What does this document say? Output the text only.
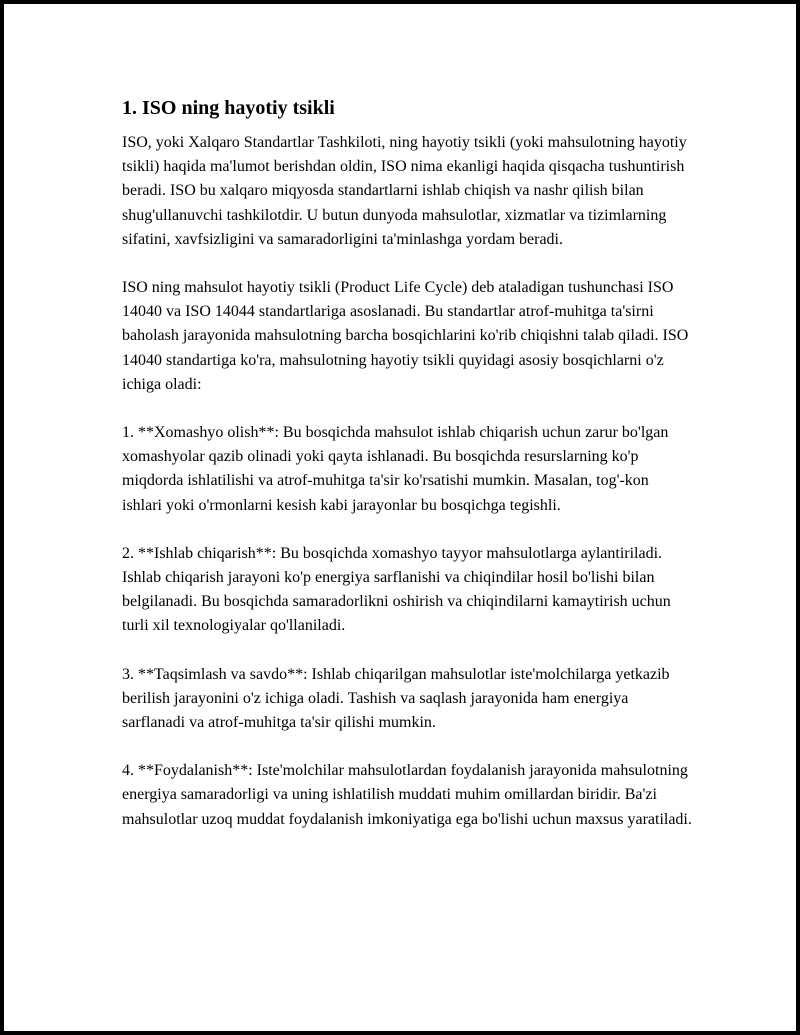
1. ISO ning hayotiy tsikli

ISO, yoki Xalqaro Standartlar Tashkiloti, ning hayotiy tsikli (yoki mahsulotning hayotiy tsikli) haqida ma'lumot berishdan oldin, ISO nima ekanligi haqida qisqacha tushuntirish beradi. ISO bu xalqaro miqyosda standartlarni ishlab chiqish va nashr qilish bilan shug'ullanuvchi tashkilotdir. U butun dunyoda mahsulotlar, xizmatlar va tizimlarning sifatini, xavfsizligini va samaradorligini ta'minlashga yordam beradi.

ISO ning mahsulot hayotiy tsikli (Product Life Cycle) deb ataladigan tushunchasi ISO 14040 va ISO 14044 standartlariga asoslanadi. Bu standartlar atrof-muhitga ta'sirni baholash jarayonida mahsulotning barcha bosqichlarini ko'rib chiqishni talab qiladi. ISO 14040 standartiga ko'ra, mahsulotning hayotiy tsikli quyidagi asosiy bosqichlarni o'z ichiga oladi:

1. **Xomashyo olish**: Bu bosqichda mahsulot ishlab chiqarish uchun zarur bo'lgan xomashyolar qazib olinadi yoki qayta ishlanadi. Bu bosqichda resurslarning ko'p miqdorda ishlatilishi va atrof-muhitga ta'sir ko'rsatishi mumkin. Masalan, tog'-kon ishlari yoki o'rmonlarni kesish kabi jarayonlar bu bosqichga tegishli.

2. **Ishlab chiqarish**: Bu bosqichda xomashyo tayyor mahsulotlarga aylantiriladi. Ishlab chiqarish jarayoni ko'p energiya sarflanishi va chiqindilar hosil bo'lishi bilan belgilanadi. Bu bosqichda samaradorlikni oshirish va chiqindilarni kamaytirish uchun turli xil texnologiyalar qo'llaniladi.

3. **Taqsimlash va savdo**: Ishlab chiqarilgan mahsulotlar iste'molchilarga yetkazib berilish jarayonini o'z ichiga oladi. Tashish va saqlash jarayonida ham energiya sarflanadi va atrof-muhitga ta'sir qilishi mumkin.

4. **Foydalanish**: Iste'molchilar mahsulotlardan foydalanish jarayonida mahsulotning energiya samaradorligi va uning ishlatilish muddati muhim omillardan biridir. Ba'zi mahsulotlar uzoq muddat foydalanish imkoniyatiga ega bo'lishi uchun maxsus yaratiladi.
